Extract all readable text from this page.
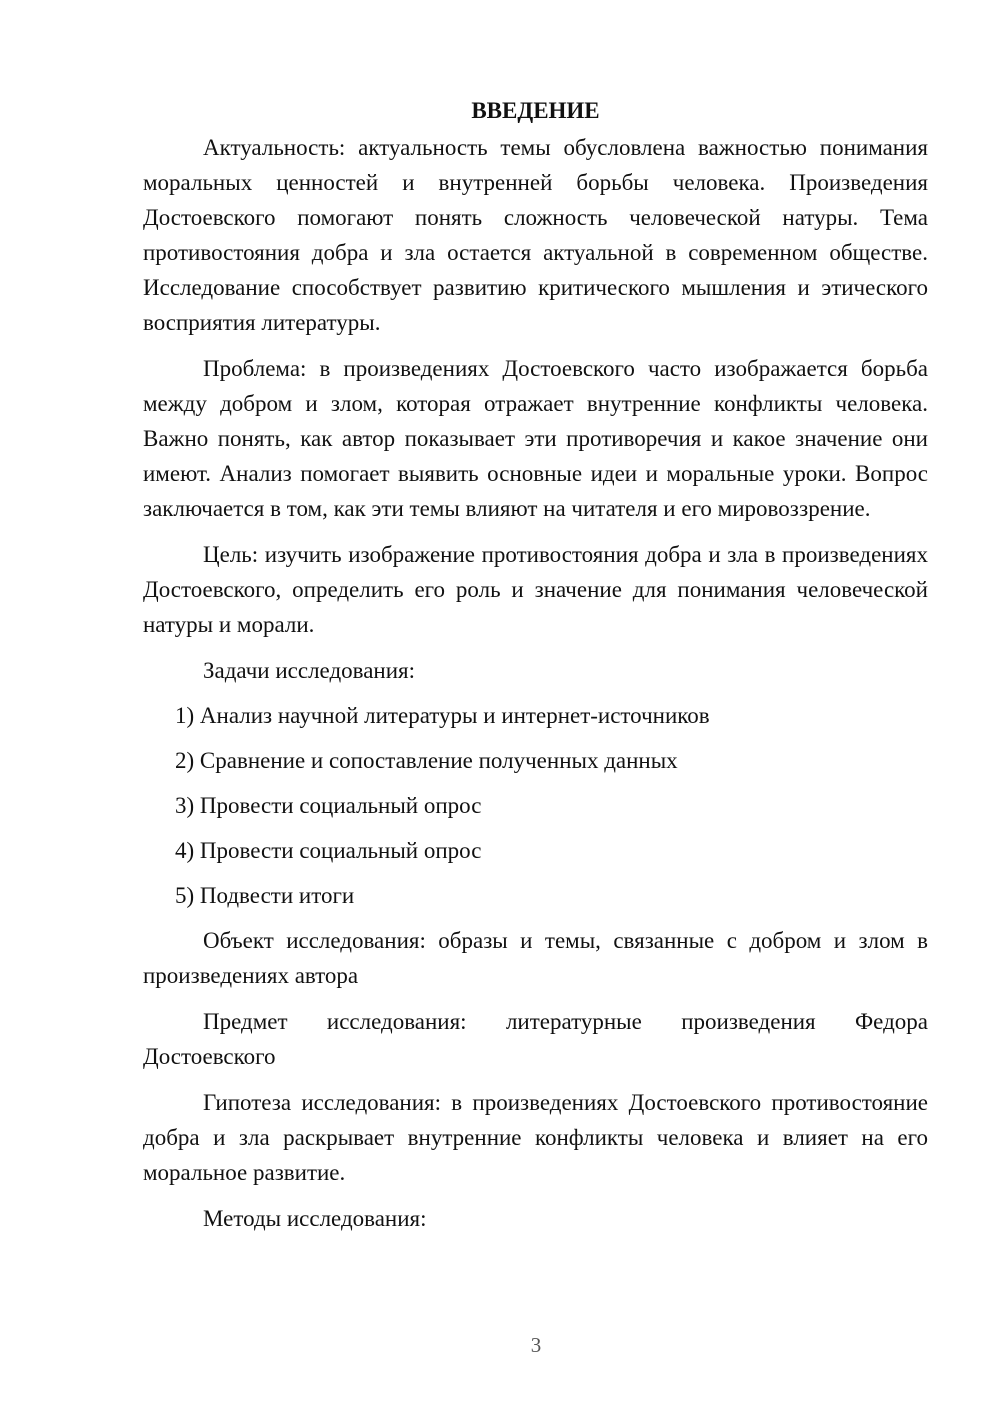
ВВЕДЕНИЕ

Актуальность: актуальность темы обусловлена важностью понимания моральных ценностей и внутренней борьбы человека. Произведения Достоевского помогают понять сложность человеческой натуры. Тема противостояния добра и зла остается актуальной в современном обществе. Исследование способствует развитию критического мышления и этического восприятия литературы.

Проблема: в произведениях Достоевского часто изображается борьба между добром и злом, которая отражает внутренние конфликты человека. Важно понять, как автор показывает эти противоречия и какое значение они имеют. Анализ помогает выявить основные идеи и моральные уроки. Вопрос заключается в том, как эти темы влияют на читателя и его мировоззрение.

Цель: изучить изображение противостояния добра и зла в произведениях Достоевского, определить его роль и значение для понимания человеческой натуры и морали.

Задачи исследования:

1) Анализ научной литературы и интернет-источников
2) Сравнение и сопоставление полученных данных
3) Провести социальный опрос
4) Провести социальный опрос
5) Подвести итоги

Объект исследования: образы и темы, связанные с добром и злом в произведениях автора

Предмет исследования: литературные произведения Федора Достоевского

Гипотеза исследования: в произведениях Достоевского противостояние добра и зла раскрывает внутренние конфликты человека и влияет на его моральное развитие.

Методы исследования:

3
